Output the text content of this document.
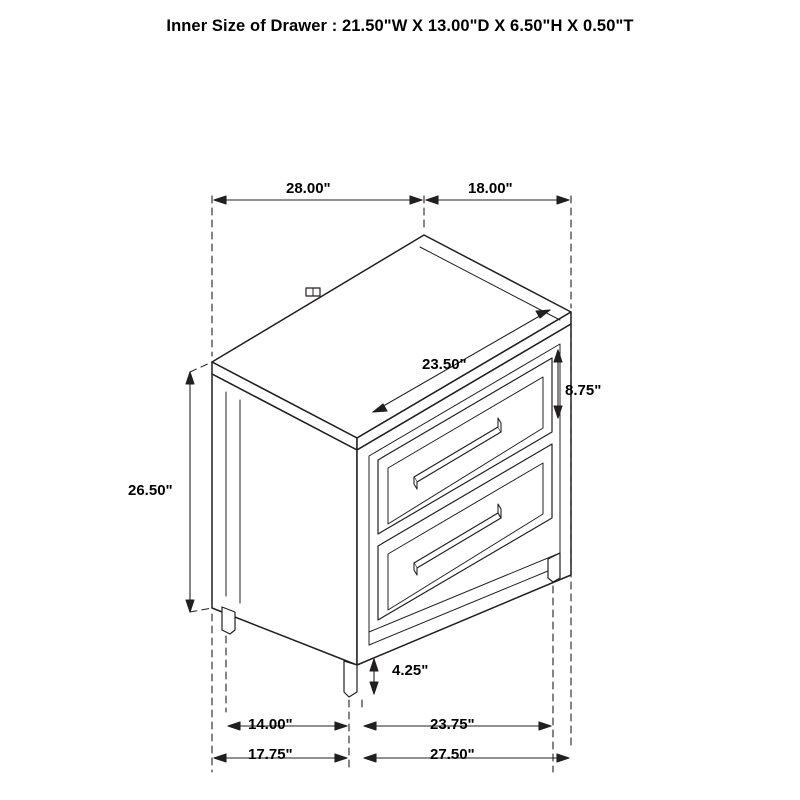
Inner Size of Drawer : 21.50"W X 13.00"D X 6.50"H X 0.50"T
28.00"	18.00"
23.50"
8.75"
26.50"
4.25"
14.00"	23.75"
17.75"	27.50"
